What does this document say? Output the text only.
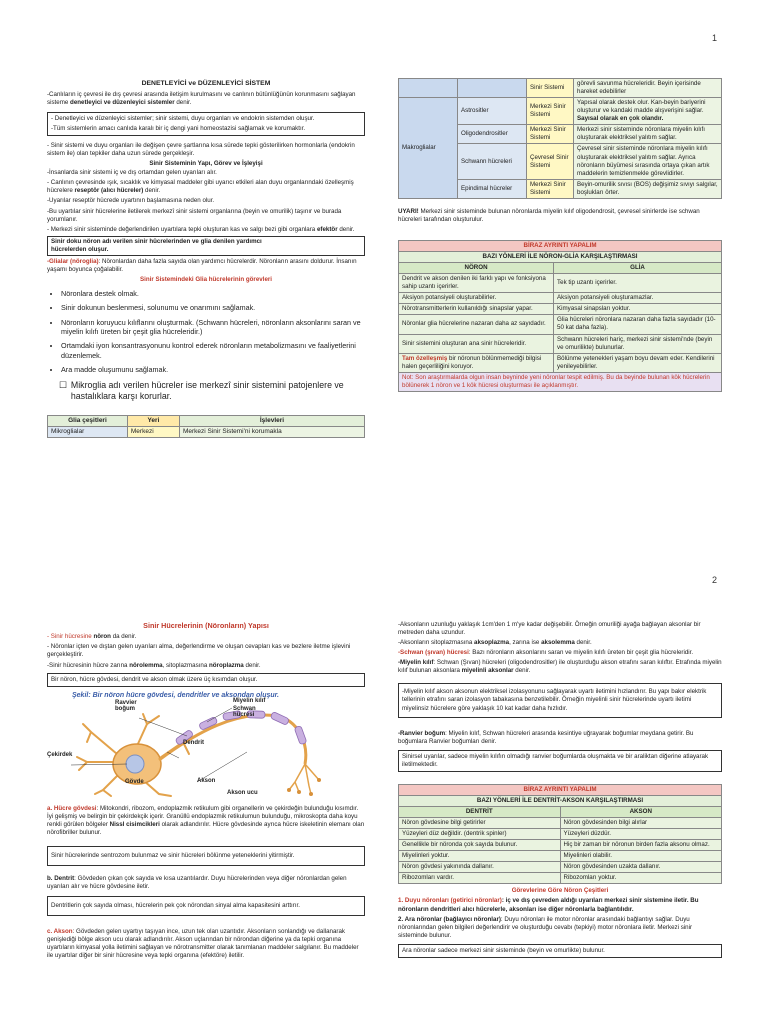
1
DENETLEYİCİ ve DÜZENLEYİCİ SİSTEM

-Canlıların iç çevresi ile dış çevresi arasında iletişim kurulmasını ve canlının bütünlüğünün korunmasını sağlayan sisteme denetleyici ve düzenleyici sistemler denir.

- Denetleyici ve düzenleyici sistemler; sinir sistemi, duyu organları ve endokrin sistemden oluşur.

-Tüm sistemlerin amacı canlıda karalı bir iç dengi yani homeostazisi sağlamak ve korumaktır.

- Sinir sistemi ve duyu organları ile değişen çevre şartlarına kısa sürede tepki gösterilirken hormonlarla (endokrin sistem ile) olan tepkiler daha uzun sürede gerçekleşir.

Sinir Sisteminin Yapı, Görev ve İşleyişi

-İnsanlarda sinir sistemi iç ve dış ortamdan gelen uyarıları alır.

- Canlının çevresinde ışık, sıcaklık ve kimyasal maddeler gibi uyarıcı etkileri alan duyu organlarındaki özelleşmiş hücrelere reseptör (alıcı hücreler) denir.

-Uyarılar reseptör hücrede uyartının başlamasına neden olur.

-Bu uyartılar sinir hücrelerine iletilerek merkezî sinir sistemi organlarına (beyin ve omurilik) taşınır ve burada yorumlanır.

- Merkezi sinir sisteminde değerlendirilen uyartılara tepki oluşturan kas ve salgı bezi gibi organlara efektör denir.

Sinir doku nöron adı verilen sinir hücrelerinden ve glia denilen yardımcı
hücrelerden oluşur.

-Glialar (nöroglia): Nöronlardan daha fazla sayıda olan yardımcı hücrelerdir. Nöronların arasını doldurur. İnsanın yaşamı boyunca çoğalabilir.

Sinir Sistemindeki Glia hücrelerinin görevleri
• Nöronlara destek olmak.
• Sinir dokunun beslenmesi, solunumu ve onarımını sağlamak.
• Nöronların koruyucu kılıflarını oluşturmak. (Schwann hücreleri, nöronların aksonlarını saran ve miyelin kılıfı üreten bir çeşit glia hücreleridir.)
• Ortamdaki iyon konsantrasyonunu kontrol ederek nöronların metabolizmasını ve faaliyetlerini düzenlemek.
• Ara madde oluşumunu sağlamak.
☐ Mikroglia adı verilen hücreler ise merkezî sinir sistemini patojenlere ve hastalıklara karşı korurlar.
Glia çeşitleri	Yeri	İşlevleri
Mikroglialar	Merkezi	Merkezi Sinir Sistemi'ni korumakla
		Sinir Sistemi	görevli savunma hücreleridir. Beyin içerisinde hareket edebilirler
Makroglialar	Astrositler	Merkezi Sinir Sistemi	Yapısal olarak destek olur. Kan-beyin bariyerini oluşturur ve kandaki madde alışverişini sağlar. Sayısal olarak en çok olandır.
	Oligodendrositler	Merkezi Sinir Sistemi	Merkezi sinir sisteminde nöronlara miyelin kılıfı oluşturarak elektriksel yalıtım sağlar.
	Schwann hücreleri	Çevresel Sinir Sistemi	Çevresel sinir sisteminde nöronlara miyelin kılıfı oluşturarak elektriksel yalıtım sağlar. Ayrıca nöronların büyümesi sırasında ortaya çıkan artık maddelerin temizlenmekle görevlidirler.
	Epindimal hücreler	Merkezi Sinir Sistemi	Beyin-omurilik sıvısı (BOS) değişimiz sıvıyı salgılar, boşlukları örter.
UYARI! Merkezi sinir sisteminde bulunan nöronlarda miyelin kılıf oligodendrosit, çevresel sinirlerde ise schwan hücreleri tarafından oluşturulur.
BİRAZ AYRINTI YAPALIM	
BAZI YÖNLERİ İLE NÖRON-GLİA KARŞILAŞTIRMASI	
NÖRON	GLİA
Dendrit ve akson denilen iki farklı yapı ve fonksiyona sahip uzantı içerirler.	Tek tip uzantı içerirler.
Aksiyon potansiyeli oluşturabilirler.	Aksiyon potansiyeli oluşturamazlar.
Nörotransmitterlerin kullanıldığı sinapslar yapar.	Kimyasal sinapsları yoktur.
Nöronlar glia hücrelerine nazaran daha az sayıdadır.	Glia hücreleri nöronlara nazaran daha fazla sayıdadır (10-50 kat daha fazla).
Sinir sistemini oluşturan ana sinir hücreleridir.	Schwann hücreleri hariç, merkezi sinir sistemi'nde (beyin ve omurilikte) bulunurlar.
Tam özelleşmiş bir nöronun bölünmemediği bilgisi halen geçerliliğini koruyor.	Bölünme yetenekleri yaşam boyu devam eder. Kendilerini yenileyebilirler.
Not: Son araştırmalarda olgun insan beyninde yeni nöronlar tespit edilmiş. Bu da beyinde bulunan kök hücrelerin bölünerek 1 nöron ve 1 kök hücresi oluşturması ile açıklanmıştır.	
2
Sinir Hücrelerinin (Nöronların) Yapısı

- Sinir hücresine nöron da denir.

- Nöronlar içten ve dıştan gelen uyarıları alma, değerlendirme ve oluşan cevapları kas ve bezlere iletme işlevini gerçekleştirir.

-Sinir hücresinin hücre zarına nörolemma, sitoplazmasına nöroplazma denir.

Bir nöron, hücre gövdesi, dendrit ve akson olmak üzere üç kısımdan oluşur.
Şekil: Bir nöron hücre gövdesi, dendritler ve aksondan oluşur.
Ravvier boğum
Miyelin kılıf
Schwan hücresi
Dendrit
Çekirdek
Gövde	Akson
Akson ucu

a. Hücre gövdesi: Mitokondri, ribozom, endoplazmik retikulum gibi organellerin ve çekirdeğin bulunduğu kısımdır. İyi gelişmiş ve belirgin bir çekirdekçik içerir. Granüllü endoplazmik retikulumun bulunduğu, mikroskopta daha koyu renkli görülen bölgeler Nissl cisimcikleri olarak adlandırılır. Hücre gövdesinde ayrıca hücre iskeletinin elemanı olan nörofibriller bulunur.

Sinir hücrelerinde sentrozom bulunmaz ve sinir hücreleri bölünme yeteneklerini yitirmiştir.

b. Dentrit: Gövdeden çıkan çok sayıda ve kısa uzantılardır. Duyu hücrelerinden veya diğer nöronlardan gelen uyarıları alır ve hücre gövdesine iletir.

Dentritlerin çok sayıda olması, hücrelerin pek çok nörondan sinyal alma kapasitesini arttırır.

c. Akson: Gövdeden gelen uyartıyı taşıyan ince, uzun tek olan uzantıdır. Aksonların sonlandığı ve dallanarak genişlediği bölge akson ucu olarak adlandırılır. Akson uçlarından bir nörondan diğerine ya da tepki organına uyartıların kimyasal yolla iletimini sağlayan ve nörotransmitter olarak tanımlanan maddeler salgılanır. Bu maddeler ile uyartılar diğer bir sinir hücresine veya tepki organına (efektöre) iletilir.

-Aksonların uzunluğu yaklaşık 1cm'den 1 m'ye kadar değişebilir. Örneğin omuriliği ayağa bağlayan aksonlar bir metreden daha uzundur.

-Aksonların sitoplazmasına aksoplazma, zarına ise aksolemma denir.

-Schwan (şıvan) hücresi: Bazı nöronların aksonlarını saran ve miyelin kılıfı üreten bir çeşit glia hücreleridir.

-Miyelin kılıf: Schwan (Şıvan) hücreleri (oligodendrositler) ile oluşturduğu akson etrafını saran kılıftır. Etrafında miyelin kılıf bulunan aksonlara miyelinli aksonlar denir.

-Miyelin kılıf akson aksonun elektriksel izolasyonunu sağlayarak uyartı iletimini hızlandırır. Bu yapı bakır elektrik tellerinin etrafını saran izolasyon tabakasına benzetilebilir. Örneğin miyelinli sinir hücrelerinde uyartı iletimi miyelinsiz hücrelere göre yaklaşık 10 kat kadar daha hızlıdır.

-Ranvier boğum: Miyelin kılıf, Schwan hücreleri arasında kesintiye uğrayarak boğumlar meydana getirir. Bu boğumlara Ranvier boğumları denir.

Sinirsel uyarılar, sadece miyelin kılıfın olmadığı ranvier boğumlarda oluşmakta ve bir araliktan diğerine atlayarak iletilmektedir.
BİRAZ AYRINTI YAPALIM	
BAZI YÖNLERİ İLE DENTRİT-AKSON KARŞILAŞTIRMASI	
DENTRİT	AKSON
Nöron gövdesine bilgi getirirler	Nöron gövdesinden bilgi alırlar
Yüzeyleri düz değildir. (dentrik spinler)	Yüzeyleri düzdür.
Genellikle bir nöronda çok sayıda bulunur.	Hiç bir zaman bir nöronun birden fazla aksonu olmaz.
Miyelinleri yoktur.	Miyelinleri olabilir.
Nöron gövdesi yakınında dallanır.	Nöron gövdesinden uzakta dallanır.
Ribozomları vardır.	Ribozomları yoktur.
Görevlerine Göre Nöron Çeşitleri

1. Duyu nöronları (getirici nöronlar): iç ve dış çevreden aldığı uyarıları merkezi sinir sistemine iletir. Bu nöronların dendritleri alıcı hücrelerle, aksonları ise diğer nöronlarla bağlantılıdır.

2. Ara nöronlar (bağlayıcı nöronlar): Duyu nöronları ile motor nöronlar arasındaki bağlantıyı sağlar. Duyu nöronlarından gelen bilgileri değerlendirir ve oluşturduğu cevabı (tepkiyi) motor nöronlara iletir. Merkezi sinir sisteminde bulunur.

Ara nöronlar sadece merkezi sinir sisteminde (beyin ve omurlikte) bulunur.
